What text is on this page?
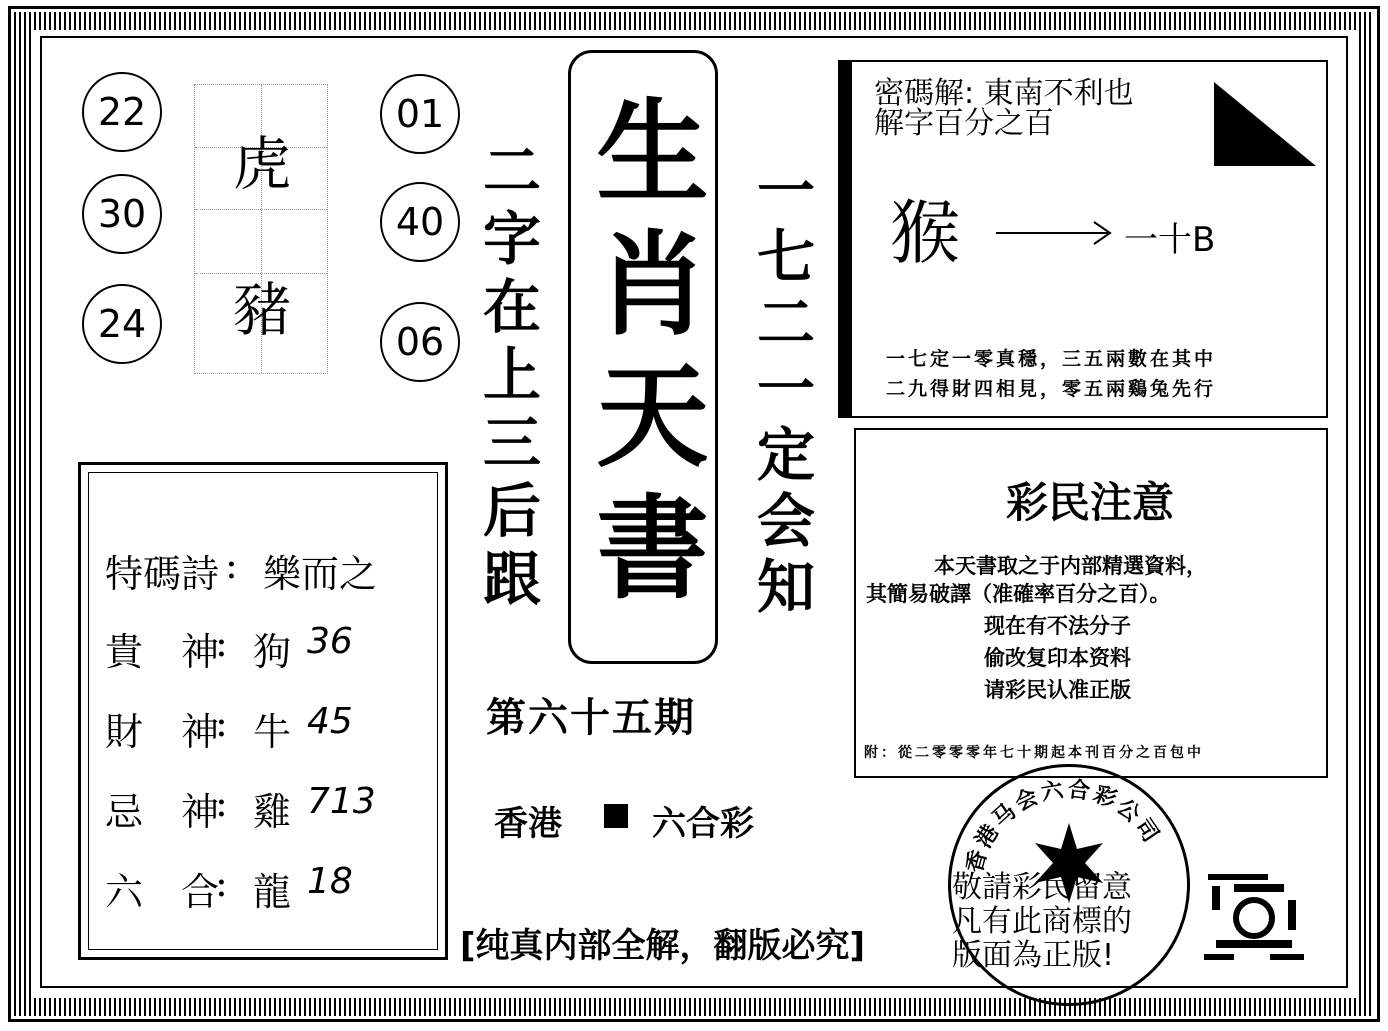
22
30
24
虎
豬
01
40
06 二字在上三后跟 生肖天書 一七二一定会知
第六十五期
香港	六合彩
特碼詩 : 樂而之
貴　神
: 狗 36
財　神
: 牛 45
忌　神
: 雞 713
六　合
: 龍 18
密碼解: 東南不利也
解字百分之百
猴	一十B
一七定一零真穩，三五兩數在其中
二九得財四相見，零五兩鷄兔先行
彩民注意
本天書取之于内部精選資料，
其簡易破譯（准確率百分之百）。
现在有不法分子
偷改复印本资料
请彩民认准正版
附：從二零零零年七十期起本刊百分之百包中
[纯真内部全解，翻版必究]
香港马会六合彩公司
敬請彩民留意
凡有此商標的
版面為正版!
